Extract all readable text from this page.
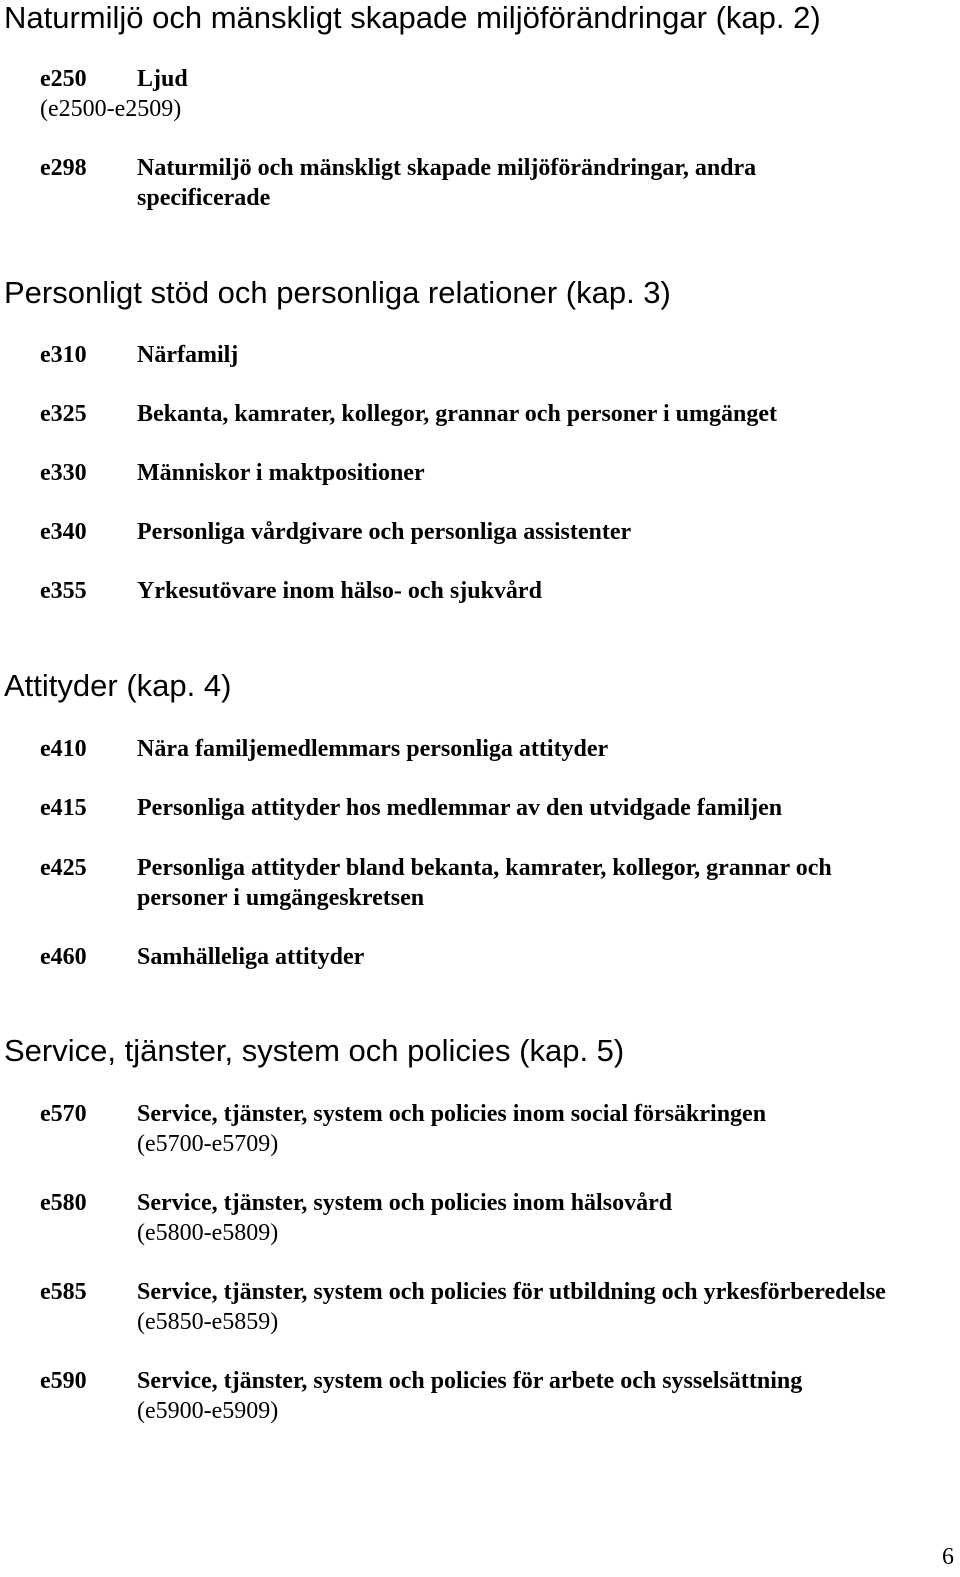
Naturmiljö och mänskligt skapade miljöförändringar (kap. 2)
e250
(e2500-e2509)
Ljud
e298 Naturmiljö och mänskligt skapade miljöförändringar, andra
specificerade
Personligt stöd och personliga relationer (kap. 3)
e310 Närfamilj
e325 Bekanta, kamrater, kollegor, grannar och personer i umgänget
e330 Människor i maktpositioner
e340 Personliga vårdgivare och personliga assistenter
e355 Yrkesutövare inom hälso- och sjukvård
Attityder (kap. 4)
e410 Nära familjemedlemmars personliga attityder
e415 Personliga attityder hos medlemmar av den utvidgade familjen
e425 Personliga attityder bland bekanta, kamrater, kollegor, grannar och
personer i umgängeskretsen
e460 Samhälleliga attityder
Service, tjänster, system och policies (kap. 5)
e570 Service, tjänster, system och policies inom social försäkringen
(e5700-e5709)
e580 Service, tjänster, system och policies inom hälsovård
(e5800-e5809)
e585 Service, tjänster, system och policies för utbildning och yrkesförberedelse
(e5850-e5859)
e590 Service, tjänster, system och policies för arbete och sysselsättning
(e5900-e5909)
6
